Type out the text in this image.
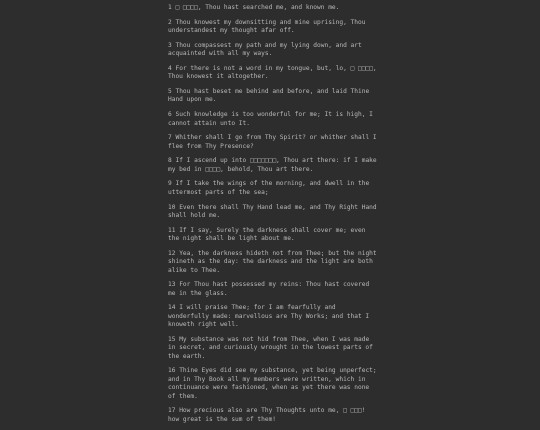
1 □ □□□□, Thou hast searched me, and known me.

2 Thou knowest my downsitting and mine uprising, Thou understandest my thought afar off.

3 Thou compassest my path and my lying down, and art acquainted with all my ways.

4 For there is not a word in my tongue, but, lo, □ □□□□, Thou knowest it altogether.

5 Thou hast beset me behind and before, and laid Thine Hand upon me.

6 Such knowledge is too wonderful for me; It is high, I cannot attain unto It.

7 Whither shall I go from Thy Spirit? or whither shall I flee from Thy Presence?

8 If I ascend up into □□□□□□□, Thou art there: if I make my bed in □□□□, behold, Thou art there.

9 If I take the wings of the morning, and dwell in the uttermost parts of the sea;

10 Even there shall Thy Hand lead me, and Thy Right Hand shall hold me.

11 If I say, Surely the darkness shall cover me; even the night shall be light about me.

12 Yea, the darkness hideth not from Thee; but the night shineth as the day: the darkness and the light are both alike to Thee.

13 For Thou hast possessed my reins: Thou hast covered me in the glass.

14 I will praise Thee; for I am fearfully and wonderfully made: marvellous are Thy Works; and that I knoweth right well.

15 My substance was not hid from Thee, when I was made in secret, and curiously wrought in the lowest parts of the earth.

16 Thine Eyes did see my substance, yet being unperfect; and in Thy Book all my members were written, which in continuance were fashioned, when as yet there was none of them.

17 How precious also are Thy Thoughts unto me, □ □□□! how great is the sum of them!
